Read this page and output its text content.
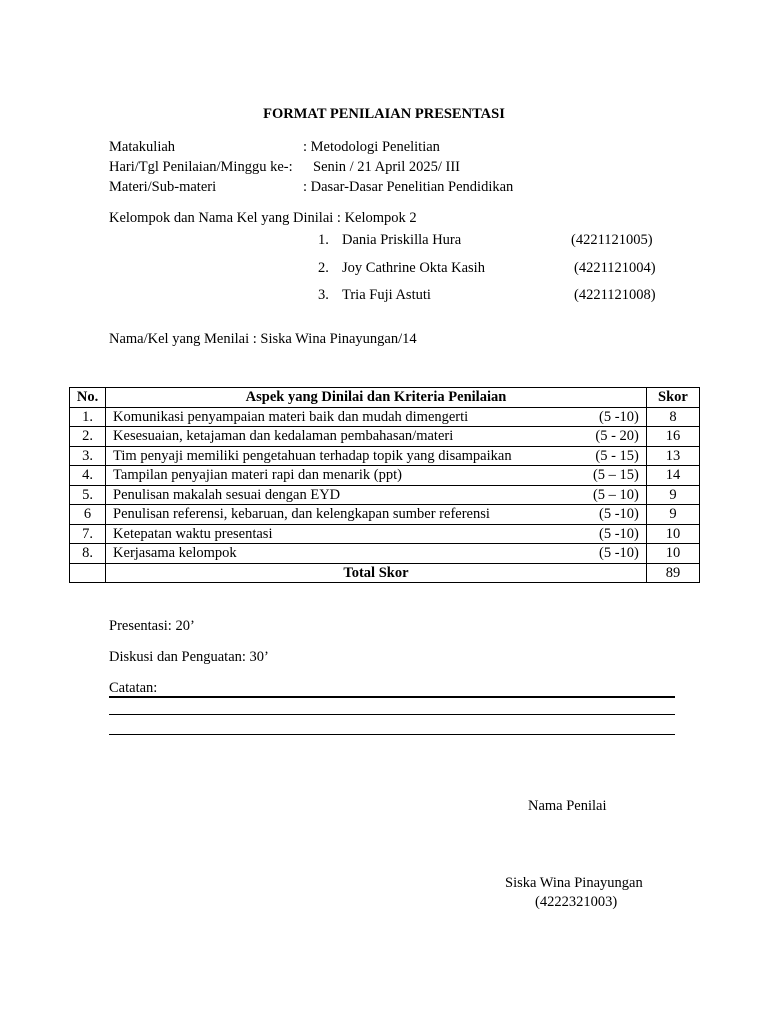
FORMAT PENILAIAN PRESENTASI
Matakuliah	: Metodologi Penelitian
Hari/Tgl Penilaian/Minggu ke-: Senin / 21 April 2025/ III
Materi/Sub-materi	: Dasar-Dasar Penelitian Pendidikan
Kelompok dan Nama Kel yang Dinilai : Kelompok 2
1. Dania Priskilla Hura	(4221121005)
2. Joy Cathrine Okta Kasih	(4221121004)
3. Tria Fuji Astuti	(4221121008)
Nama/Kel yang Menilai : Siska Wina Pinayungan/14
No.	Aspek yang Dinilai dan Kriteria Penilaian	Skor
1.	Komunikasi penyampaian materi baik dan mudah dimengerti (5 -10)	8
2.	Kesesuaian, ketajaman dan kedalaman pembahasan/materi (5 - 20)	16
3.	Tim penyaji memiliki pengetahuan terhadap topik yang disampaikan (5 - 15)	13
4.	Tampilan penyajian materi rapi dan menarik (ppt) (5 – 15)	14
5.	Penulisan makalah sesuai dengan EYD (5 – 10)	9
6	Penulisan referensi, kebaruan, dan kelengkapan sumber referensi (5 -10)	9
7.	Ketepatan waktu presentasi (5 -10)	10
8.	Kerjasama kelompok (5 -10)	10
	Total Skor	89
Presentasi: 20’
Diskusi dan Penguatan: 30’
Catatan:
Nama Penilai
Siska Wina Pinayungan
(4222321003)
